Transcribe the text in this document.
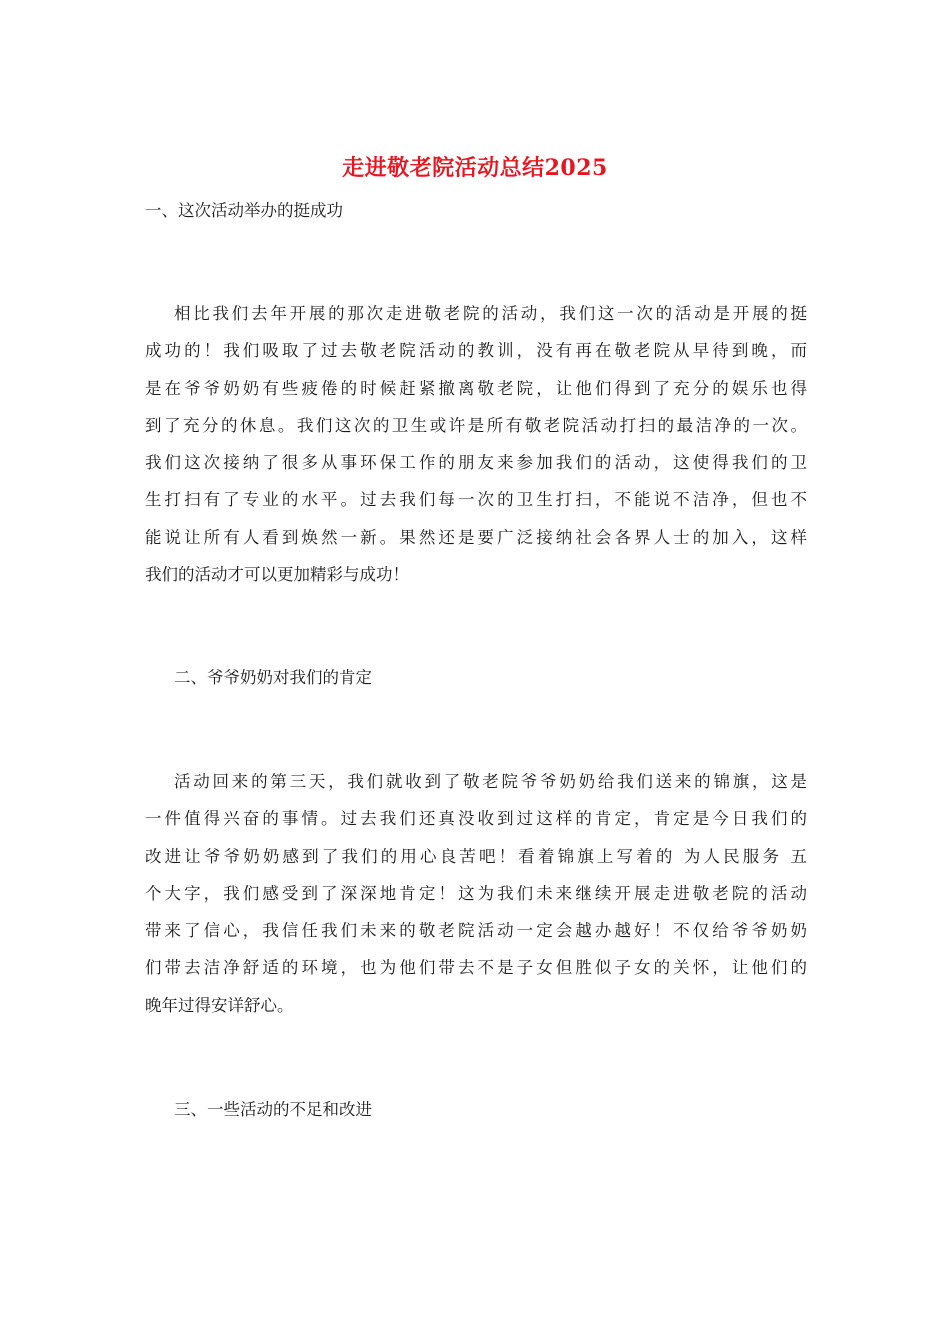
走进敬老院活动总结2025
一、这次活动举办的挺成功
相比我们去年开展的那次走进敬老院的活动，我们这一次的活动是开展的挺
成功的！我们吸取了过去敬老院活动的教训，没有再在敬老院从早待到晚，而
是在爷爷奶奶有些疲倦的时候赶紧撤离敬老院，让他们得到了充分的娱乐也得
到了充分的休息。我们这次的卫生或许是所有敬老院活动打扫的最洁净的一次。
我们这次接纳了很多从事环保工作的朋友来参加我们的活动，这使得我们的卫
生打扫有了专业的水平。过去我们每一次的卫生打扫，不能说不洁净，但也不
能说让所有人看到焕然一新。果然还是要广泛接纳社会各界人士的加入，这样
我们的活动才可以更加精彩与成功！
二、爷爷奶奶对我们的肯定
活动回来的第三天，我们就收到了敬老院爷爷奶奶给我们送来的锦旗，这是
一件值得兴奋的事情。过去我们还真没收到过这样的肯定，肯定是今日我们的
改进让爷爷奶奶感到了我们的用心良苦吧！看着锦旗上写着的 为人民服务 五
个大字，我们感受到了深深地肯定！这为我们未来继续开展走进敬老院的活动
带来了信心，我信任我们未来的敬老院活动一定会越办越好！不仅给爷爷奶奶
们带去洁净舒适的环境，也为他们带去不是子女但胜似子女的关怀，让他们的
晚年过得安详舒心。
三、一些活动的不足和改进
